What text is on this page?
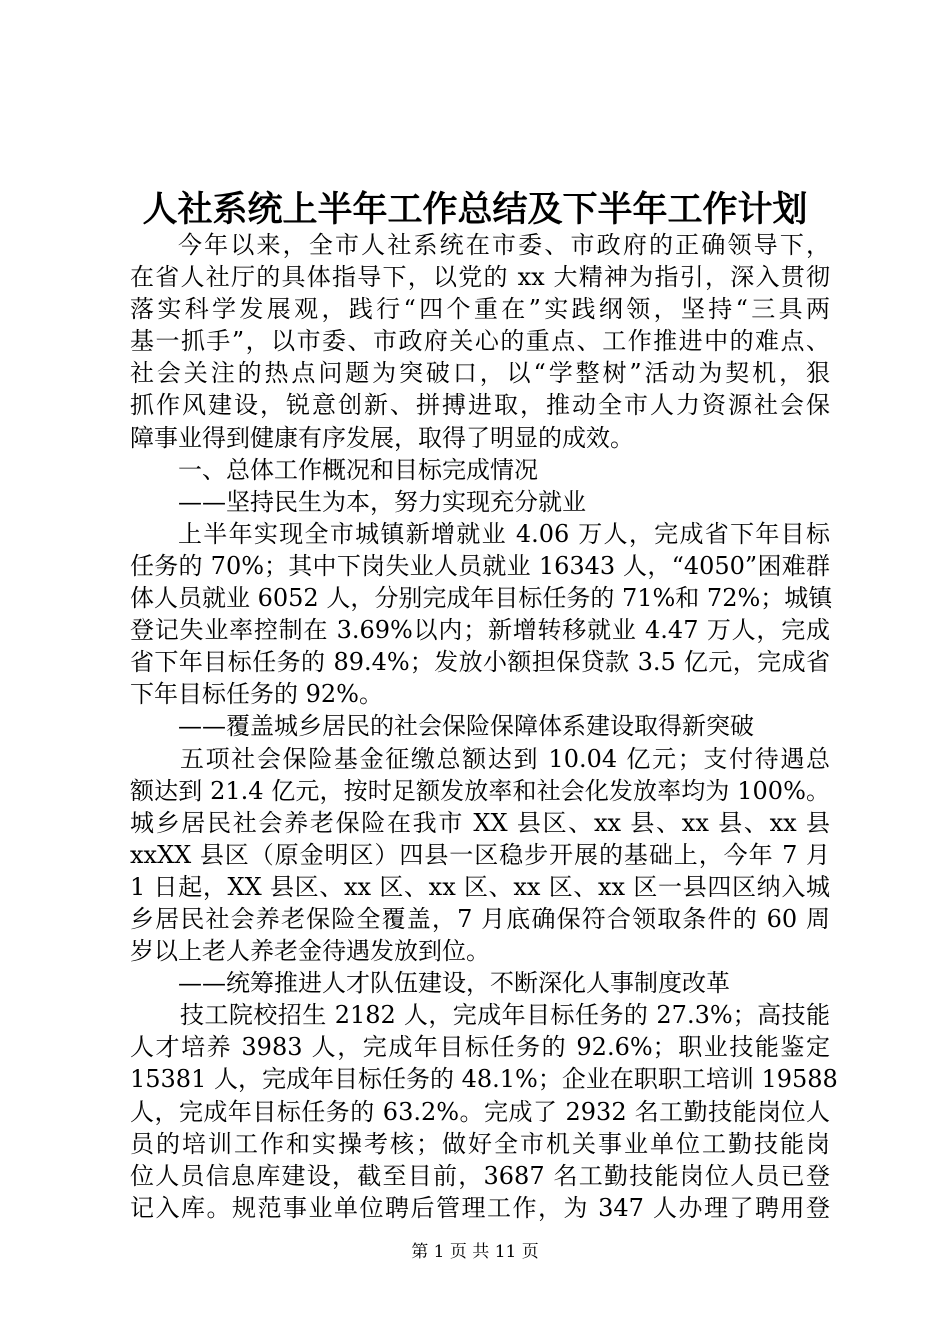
人社系统上半年工作总结及下半年工作计划
今年以来，全市人社系统在市委、市政府的正确领导下，
在省人社厅的具体指导下，以党的 xx 大精神为指引，深入贯彻
落实科学发展观，践行“四个重在”实践纲领，坚持“三具两
基一抓手”，以市委、市政府关心的重点、工作推进中的难点、
社会关注的热点问题为突破口，以“学整树”活动为契机，狠
抓作风建设，锐意创新、拼搏进取，推动全市人力资源社会保
障事业得到健康有序发展，取得了明显的成效。
一、总体工作概况和目标完成情况
——坚持民生为本，努力实现充分就业
上半年实现全市城镇新增就业 4.06 万人，完成省下年目标
任务的 70%；其中下岗失业人员就业 16343 人，“4050”困难群
体人员就业 6052 人，分别完成年目标任务的 71%和 72%；城镇
登记失业率控制在 3.69%以内；新增转移就业 4.47 万人，完成
省下年目标任务的 89.4%；发放小额担保贷款 3.5 亿元，完成省
下年目标任务的 92%。
——覆盖城乡居民的社会保险保障体系建设取得新突破
五项社会保险基金征缴总额达到 10.04 亿元；支付待遇总
额达到 21.4 亿元，按时足额发放率和社会化发放率均为 100%。
城乡居民社会养老保险在我市 XX 县区、xx 县、xx 县、xx 县
xxXX 县区（原金明区）四县一区稳步开展的基础上，今年 7 月
1 日起，XX 县区、xx 区、xx 区、xx 区、xx 区一县四区纳入城
乡居民社会养老保险全覆盖，7 月底确保符合领取条件的 60 周
岁以上老人养老金待遇发放到位。
——统筹推进人才队伍建设，不断深化人事制度改革
技工院校招生 2182 人，完成年目标任务的 27.3%；高技能
人才培养 3983 人，完成年目标任务的 92.6%；职业技能鉴定
15381 人，完成年目标任务的 48.1%；企业在职职工培训 19588
人，完成年目标任务的 63.2%。完成了 2932 名工勤技能岗位人
员的培训工作和实操考核；做好全市机关事业单位工勤技能岗
位人员信息库建设，截至目前，3687 名工勤技能岗位人员已登
记入库。规范事业单位聘后管理工作，为 347 人办理了聘用登
第 1 页 共 11 页
